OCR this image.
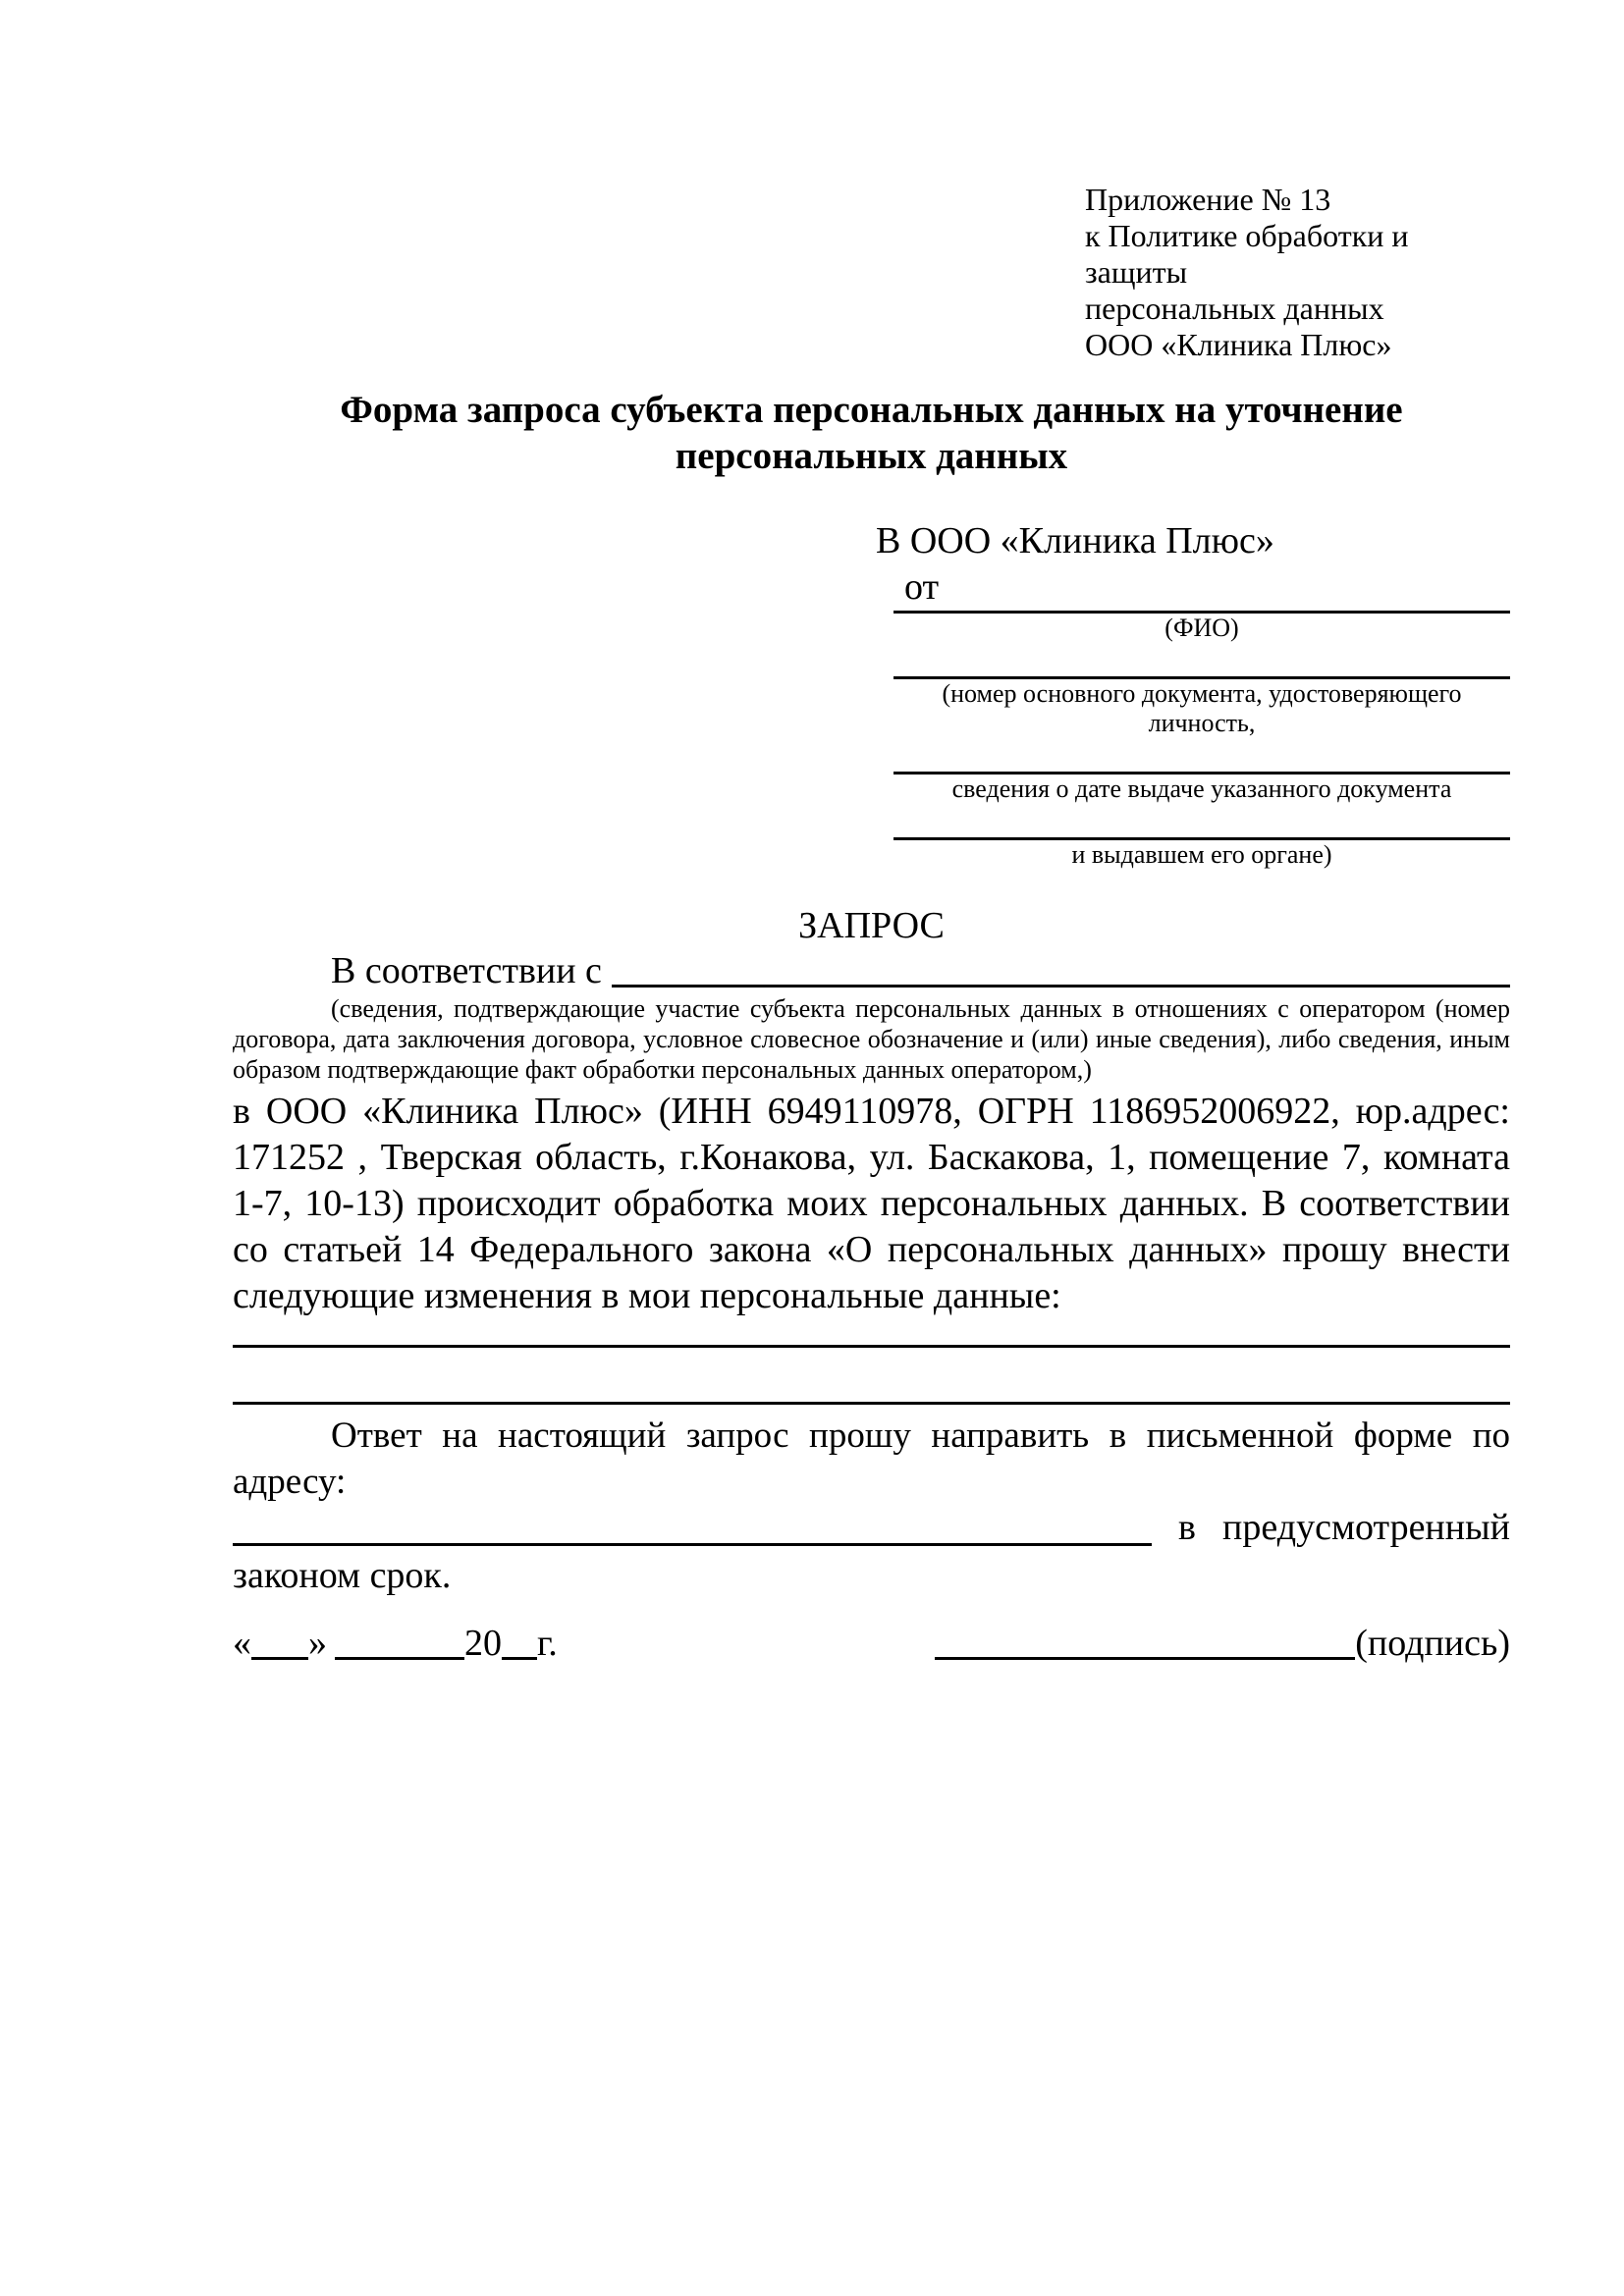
Приложение № 13
к Политике обработки и защиты
персональных данных
ООО «Клиника Плюс»
Форма запроса субъекта персональных данных на уточнение
персональных данных
В ООО «Клиника Плюс»
от
(ФИО)
(номер основного документа, удостоверяющего личность,
сведения о дате выдаче указанного документа
и выдавшем его органе)
ЗАПРОС
В соответствии с
(сведения, подтверждающие участие субъекта персональных данных в отношениях с оператором (номер договора, дата заключения договора, условное словесное обозначение и (или) иные сведения), либо сведения, иным образом подтверждающие факт обработки персональных данных оператором,)
в ООО «Клиника Плюс» (ИНН 6949110978, ОГРН 1186952006922, юр.адрес: 171252 , Тверская область, г.Конакова, ул. Баскакова, 1, помещение 7, комната 1-7, 10-13) происходит обработка моих персональных данных. В соответствии со статьей 14 Федерального закона «О персональных данных» прошу внести следующие изменения в мои персональные данные:
Ответ на настоящий запрос прошу направить в письменной форме по адресу:
в предусмотренный
законом срок.
« »	20 г.	(подпись)
